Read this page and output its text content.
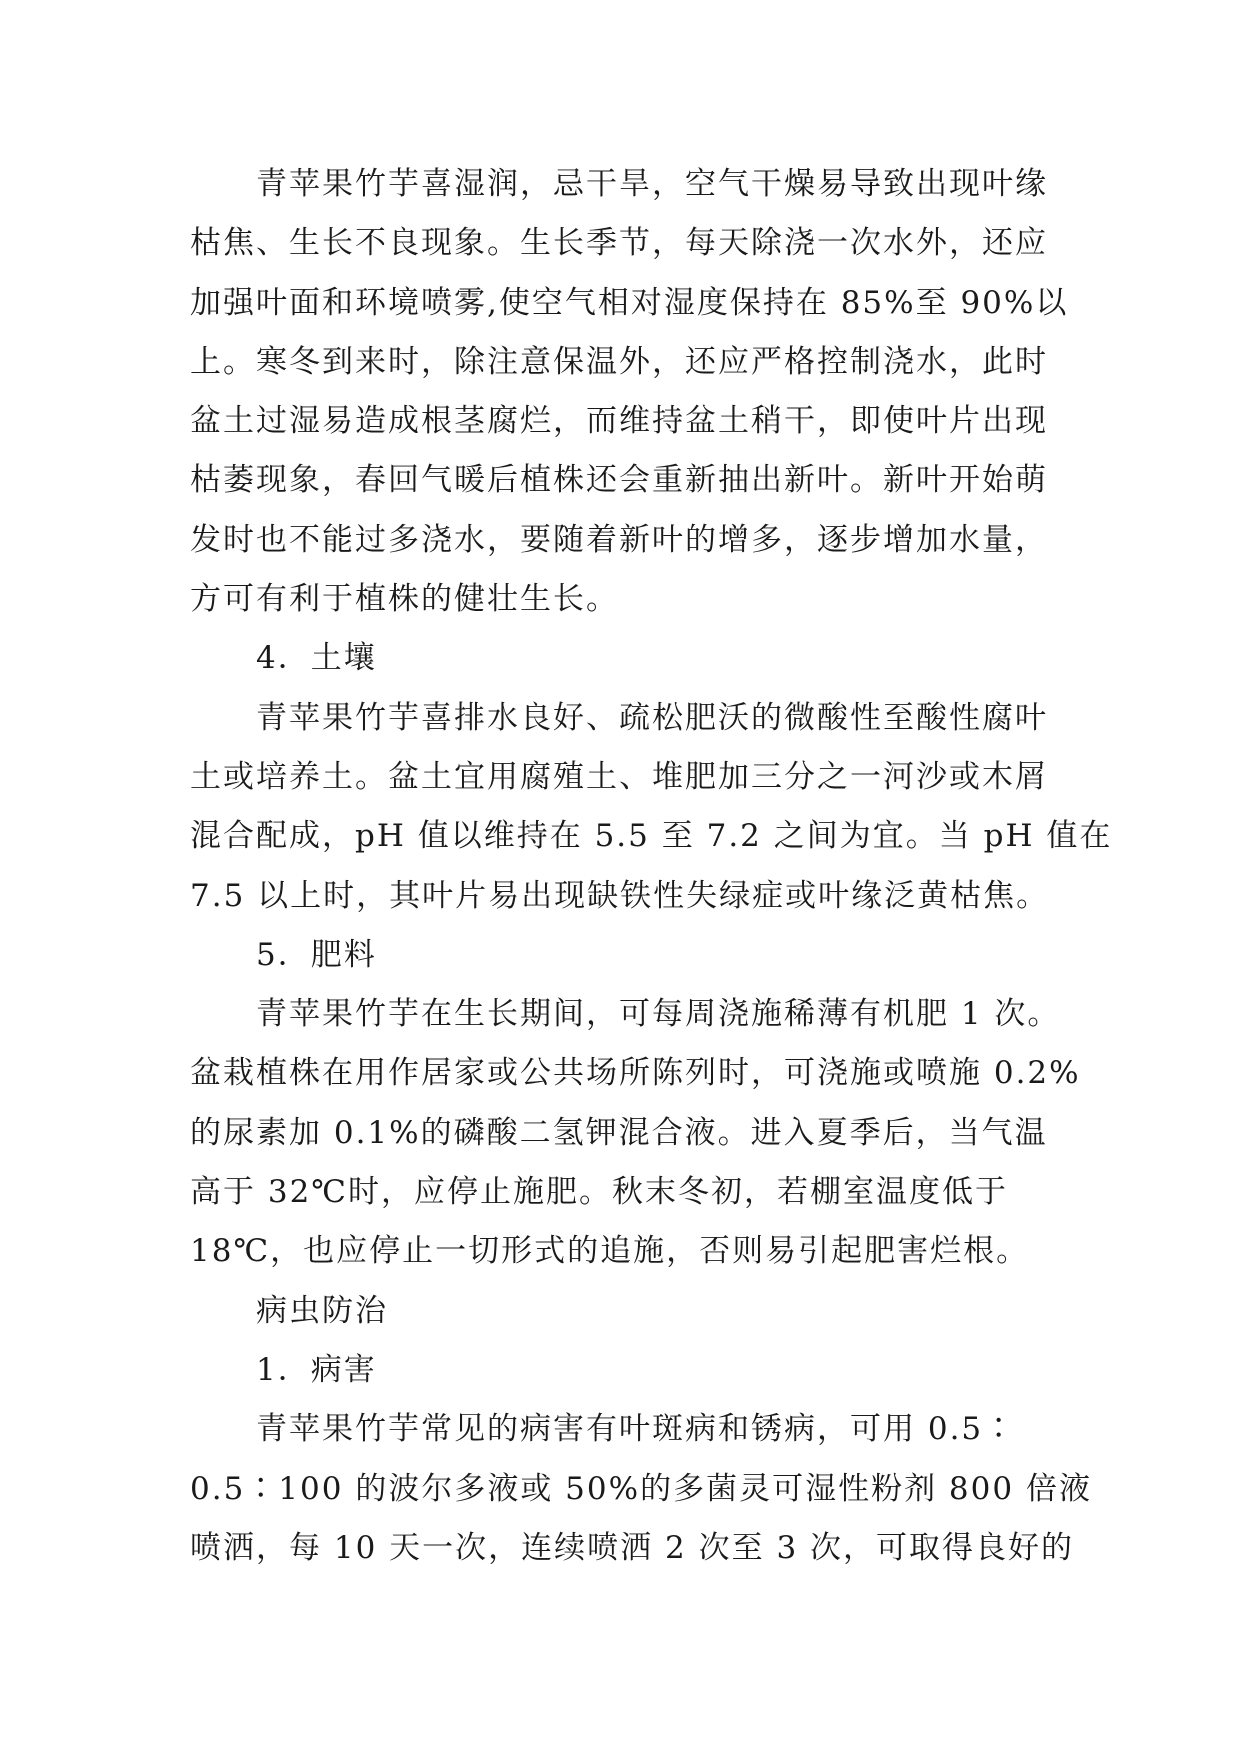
青苹果竹芋喜湿润，忌干旱，空气干燥易导致出现叶缘
枯焦、生长不良现象。生长季节，每天除浇一次水外，还应
加强叶面和环境喷雾,使空气相对湿度保持在 85%至 90%以
上。寒冬到来时，除注意保温外，还应严格控制浇水，此时
盆土过湿易造成根茎腐烂，而维持盆土稍干，即使叶片出现
枯萎现象，春回气暖后植株还会重新抽出新叶。新叶开始萌
发时也不能过多浇水，要随着新叶的增多，逐步增加水量，
方可有利于植株的健壮生长。

4．土壤

青苹果竹芋喜排水良好、疏松肥沃的微酸性至酸性腐叶
土或培养土。盆土宜用腐殖土、堆肥加三分之一河沙或木屑
混合配成，pH 值以维持在 5.5 至 7.2 之间为宜。当 pH 值在
7.5 以上时，其叶片易出现缺铁性失绿症或叶缘泛黄枯焦。

5．肥料

青苹果竹芋在生长期间，可每周浇施稀薄有机肥 1 次。
盆栽植株在用作居家或公共场所陈列时，可浇施或喷施 0.2%
的尿素加 0.1%的磷酸二氢钾混合液。进入夏季后，当气温
高于 32℃时，应停止施肥。秋末冬初，若棚室温度低于
18℃，也应停止一切形式的追施，否则易引起肥害烂根。

病虫防治

1．病害

青苹果竹芋常见的病害有叶斑病和锈病，可用 0.5∶
0.5∶100 的波尔多液或 50%的多菌灵可湿性粉剂 800 倍液
喷洒，每 10 天一次，连续喷洒 2 次至 3 次，可取得良好的
